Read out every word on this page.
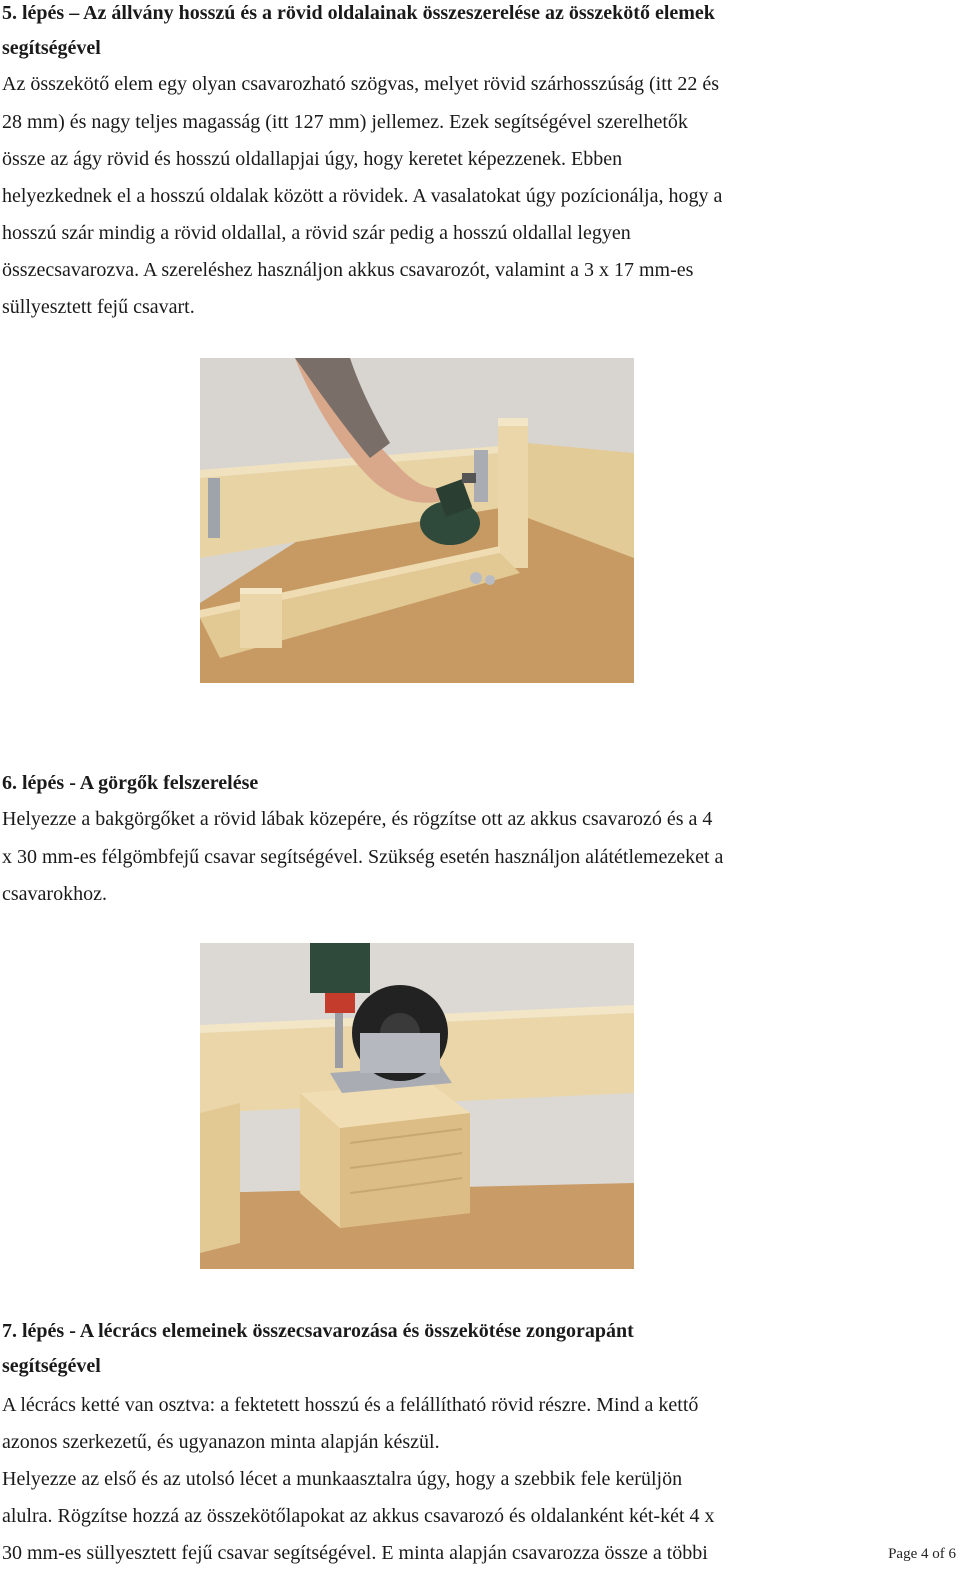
5. lépés – Az állvány hosszú és a rövid oldalainak összeszerelése az összekötő elemek
segítségével

Az összekötő elem egy olyan csavarozható szögvas, melyet rövid szárhosszúság (itt 22 és

28 mm) és nagy teljes magasság (itt 127 mm) jellemez. Ezek segítségével szerelhetők

össze az ágy rövid és hosszú oldallapjai úgy, hogy keretet képezzenek. Ebben

helyezkednek el a hosszú oldalak között a rövidek. A vasalatokat úgy pozícionálja, hogy a

hosszú szár mindig a rövid oldallal, a rövid szár pedig a hosszú oldallal legyen

összecsavarozva. A szereléshez használjon akkus csavarozót, valamint a 3 x 17 mm-es

süllyesztett fejű csavart.

6. lépés - A görgők felszerelése

Helyezze a bakgörgőket a rövid lábak közepére, és rögzítse ott az akkus csavarozó és a 4

x 30 mm-es félgömbfejű csavar segítségével. Szükség esetén használjon alátétlemezeket a

csavarokhoz.

7. lépés - A lécrács elemeinek összecsavarozása és összekötése zongorapánt
segítségével

A lécrács ketté van osztva: a fektetett hosszú és a felállítható rövid részre. Mind a kettő

azonos szerkezetű, és ugyanazon minta alapján készül.

Helyezze az első és az utolsó lécet a munkaasztalra úgy, hogy a szebbik fele kerüljön

alulra. Rögzítse hozzá az összekötőlapokat az akkus csavarozó és oldalanként két-két 4 x

30 mm-es süllyesztett fejű csavar segítségével. E minta alapján csavarozza össze a többi	Page 4 of 6
